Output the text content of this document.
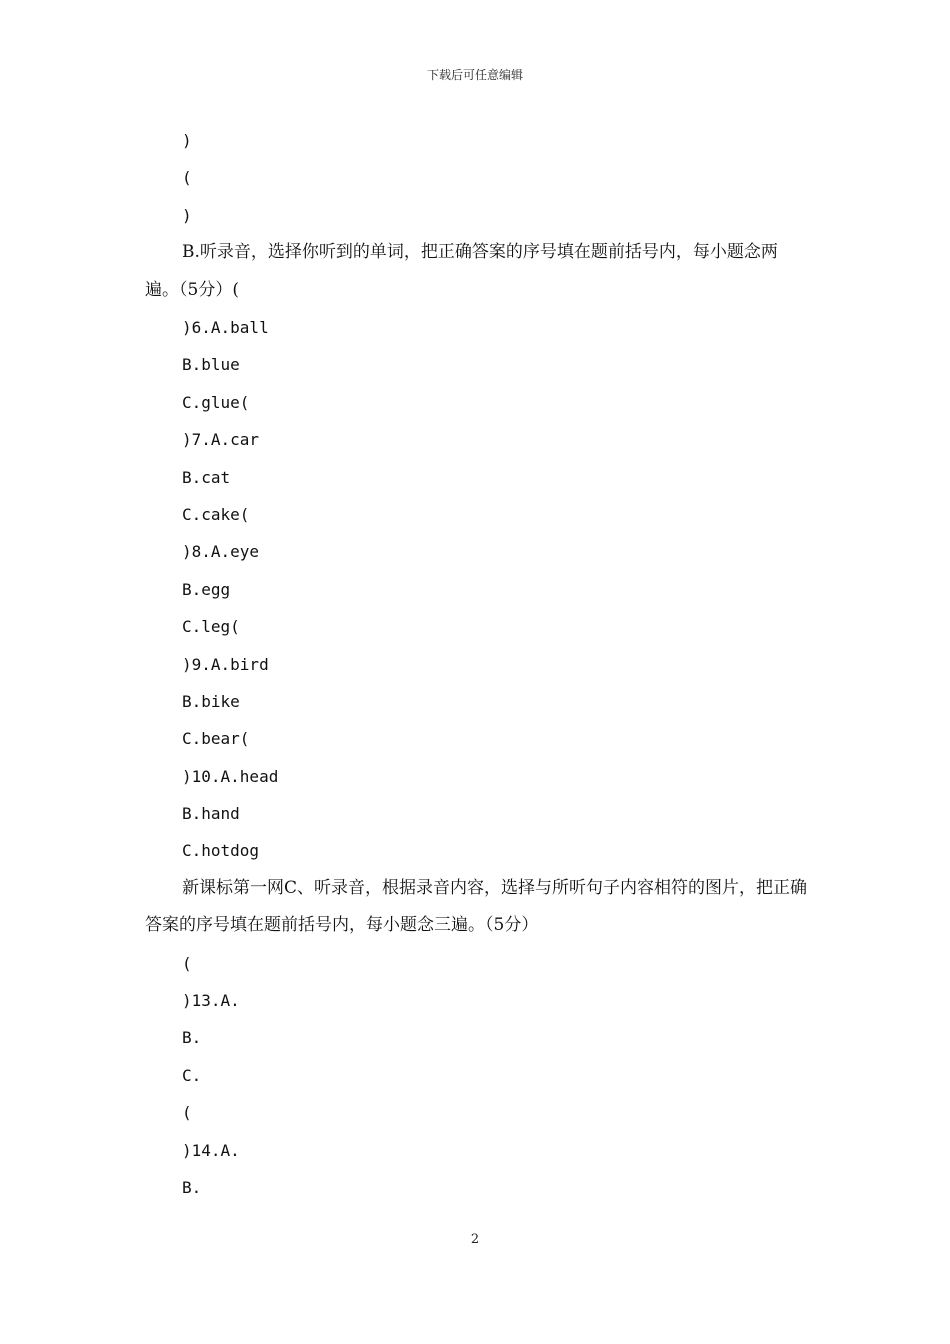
下载后可任意编辑
)
(
)
B.听录音，选择你听到的单词，把正确答案的序号填在题前括号内，每小题念两遍。（5分）(
)6.A.ball
B.blue
C.glue(
)7.A.car
B.cat
C.cake(
)8.A.eye
B.egg
C.leg(
)9.A.bird
B.bike
C.bear(
)10.A.head
B.hand
C.hotdog
新课标第一网C、听录音，根据录音内容，选择与所听句子内容相符的图片，把正确答案的序号填在题前括号内，每小题念三遍。（5分）
(
)13.A.
B.
C.
(
)14.A.
B.
2
